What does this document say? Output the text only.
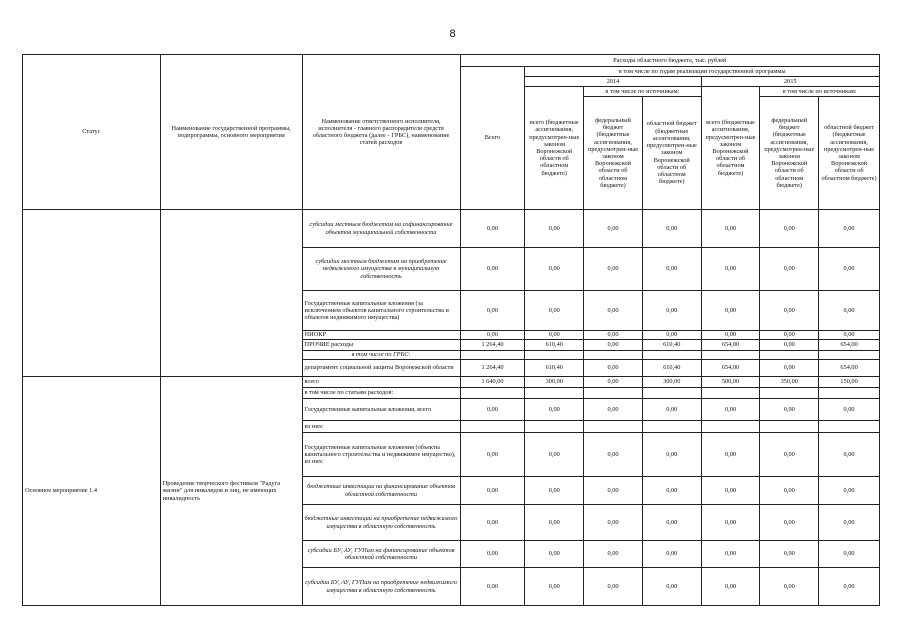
8
Статус	Наименование государственной программы, подпрограммы, основного мероприятия	Наименование ответственного исполнителя, исполнителя - главного распорядителя средств областного бюджета (далее - ГРБС), наименование статей расходов	Расходы областного бюджета, тыс. рублей						
			Всего	в том числе по годам реализации государственной программы					
				2014			2015		
				всего (бюджетные ассигнования, предусмотрен-ные законом Воронежской области об областном бюджете)	в том числе по источникам:		всего (бюджетные ассигнования, предусмотрен-ные законом Воронежской области об областном бюджете)	в том числе по источникам:	
					федеральный бюджет (бюджетные ассигнования, предусмотрен-ные законом Воронежской области об областном бюджете)	областной бюджет (бюджетные ассигнования, предусмотрен-ные законом Воронежской области об областном бюджете)		федеральный бюджет (бюджетные ассигнования, предусмотрен-ные законом Воронежской области об областном бюджете)	областной бюджет (бюджетные ассигнования, предусмотрен-ные законом Воронежской области об областном бюджете)
		субсидии местным бюджетам на софинансирование объектов муниципальной собственности	0,00	0,00	0,00	0,00	0,00	0,00	0,00
		субсидии местным бюджетам на приобретение недвижимого имущества в муниципальную собственность	0,00	0,00	0,00	0,00	0,00	0,00	0,00
		Государственные капитальные вложения (за исключением объектов капитального строительства и объектов недвижимого имущества)	0,00	0,00	0,00	0,00	0,00	0,00	0,00
		НИОКР	0,00	0,00	0,00	0,00	0,00	0,00	0,00
		ПРОЧИЕ расходы	1 264,40	610,40	0,00	610,40	654,00	0,00	654,00
		в том числе по ГРБС:							
		департамент социальной защиты Воронежской области	1 264,40	610,40	0,00	610,40	654,00	0,00	654,00
Основное мероприятие 1.4	Проведение творческого фестиваля "Радуга жизни" для инвалидов и лиц, не имеющих инвалидность	всего	1 640,00	300,00	0,00	300,00	500,00	350,00	150,00
		в том числе по статьям расходов:							
		Государственные капитальные вложения, всего	0,00	0,00	0,00	0,00	0,00	0,00	0,00
		из них:							
		Государственные капитальные вложения (объекты капитального строительства и недвижимое имущество), из них:	0,00	0,00	0,00	0,00	0,00	0,00	0,00
		бюджетные инвестиции на финансирование объектов областной собственности	0,00	0,00	0,00	0,00	0,00	0,00	0,00
		бюджетные инвестиции на приобретение недвижимого имущества в областную собственность	0,00	0,00	0,00	0,00	0,00	0,00	0,00
		субсидии БУ, АУ, ГУПам на финансирование объектов областной собственности	0,00	0,00	0,00	0,00	0,00	0,00	0,00
		субсидии БУ, АУ, ГУПам на приобретение недвижимого имущества в областную собственность	0,00	0,00	0,00	0,00	0,00	0,00	0,00
